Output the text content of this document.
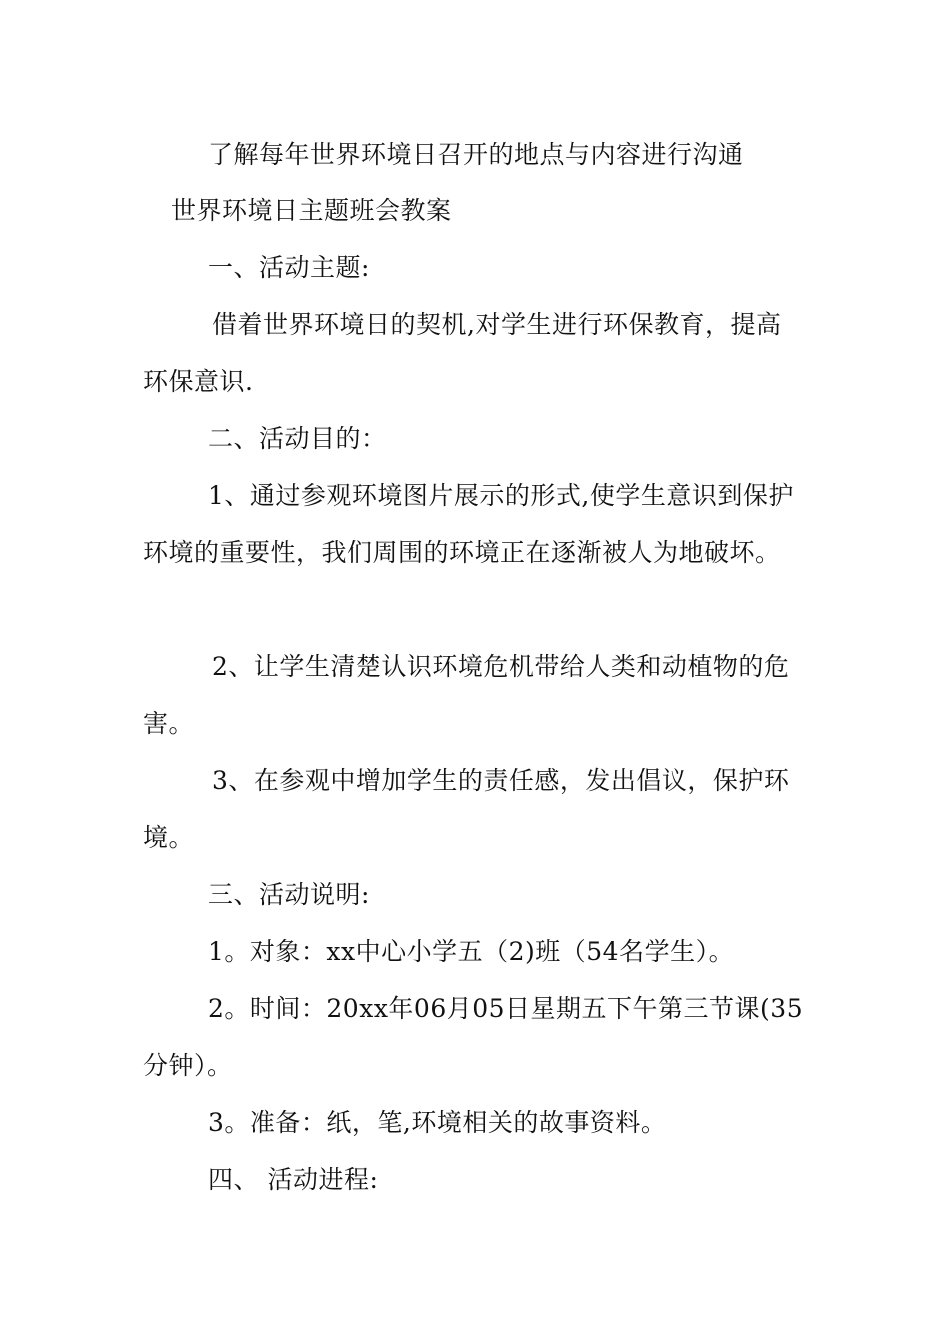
了解每年世界环境日召开的地点与内容进行沟通
世界环境日主题班会教案
一、活动主题:
借着世界环境日的契机,对学生进行环保教育，提高
环保意识.
二、活动目的：
1、通过参观环境图片展示的形式,使学生意识到保护
环境的重要性，我们周围的环境正在逐渐被人为地破坏。
2、让学生清楚认识环境危机带给人类和动植物的危
害。
3、在参观中增加学生的责任感，发出倡议，保护环
境。
三、活动说明:
1。对象：xx中心小学五（2)班（54名学生）。
2。时间：20xx年06月05日星期五下午第三节课(35
分钟）。
3。准备：纸，笔,环境相关的故事资料。
四、 活动进程:
